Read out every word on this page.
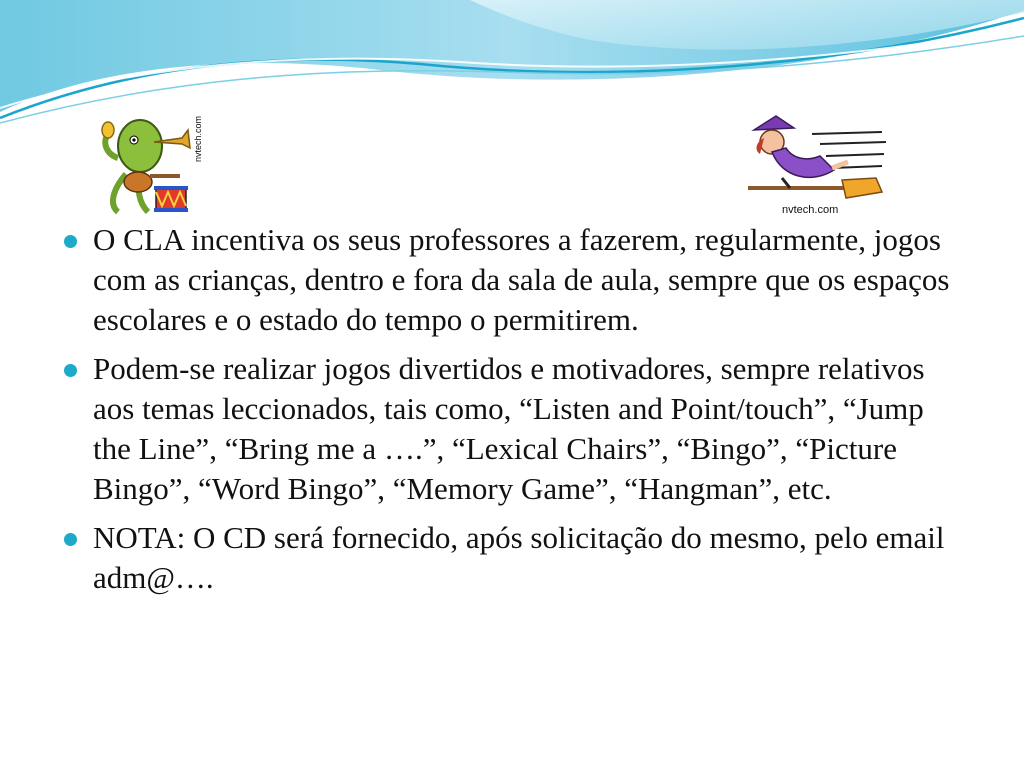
nvtech.com
nvtech.com
O CLA incentiva os seus professores a fazerem, regularmente, jogos com as crianças, dentro e fora da sala de aula, sempre que os espaços escolares e o estado do tempo o permitirem.
Podem-se realizar jogos divertidos e motivadores, sempre relativos aos temas leccionados, tais como, “Listen and Point/touch”, “Jump the Line”, “Bring me a ….”, “Lexical Chairs”, “Bingo”, “Picture Bingo”, “Word Bingo”, “Memory Game”, “Hangman”, etc.
NOTA: O CD será fornecido, após solicitação do mesmo, pelo email adm@….
